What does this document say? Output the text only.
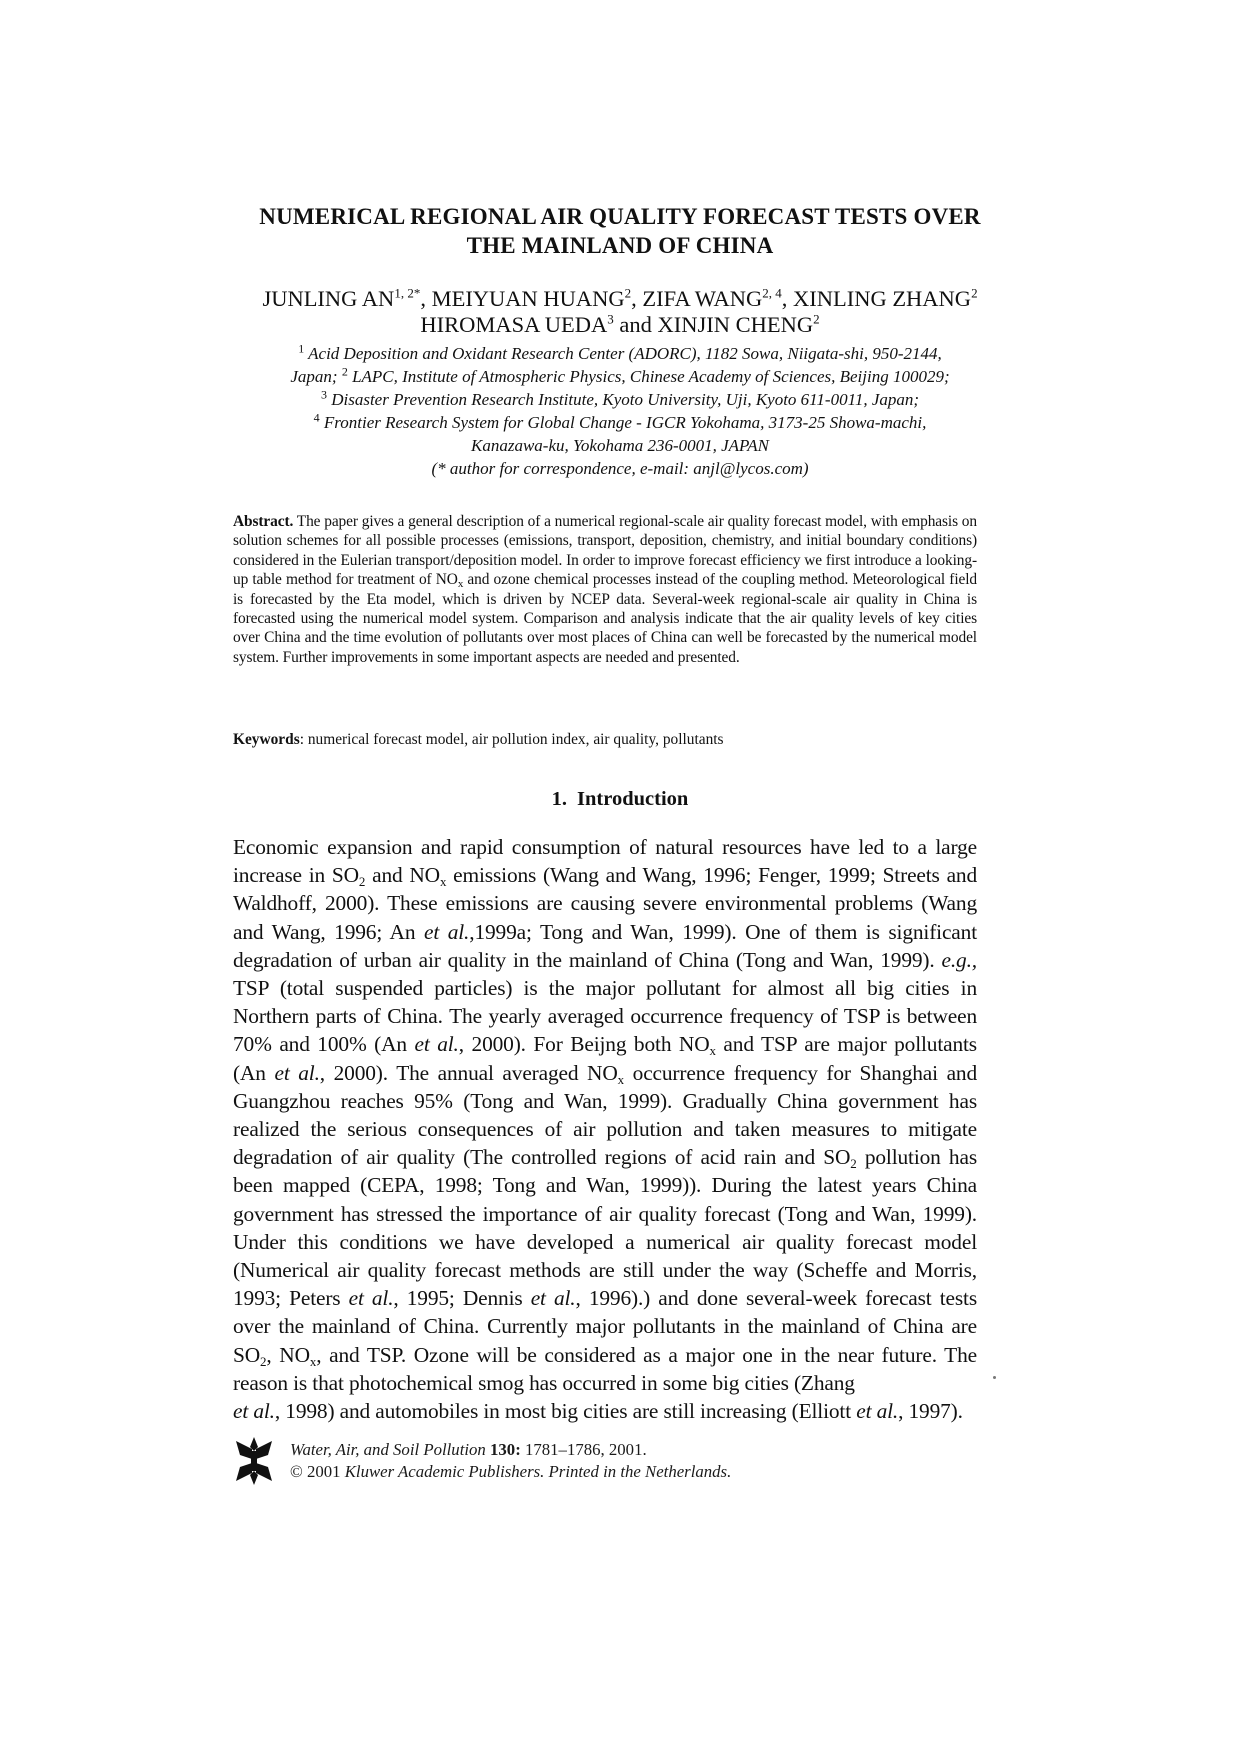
NUMERICAL REGIONAL AIR QUALITY FORECAST TESTS OVER
THE MAINLAND OF CHINA
JUNLING $AN^{1, 2*}$, MEIYUAN HUANG$^2$, ZIFA WANG$^{2, 4}$, XINLING ZHANG$^2$
HIROMASA UEDA$^3$ and XINJIN CHENG$^2$
$^1$ Acid Deposition and Oxidant Research Center (ADORC), 1182 Sowa, Niigata-shi, 950-2144,
Japan; $^2$ LAPC, Institute of Atmospheric Physics, Chinese Academy of Sciences, Beijing 100029;
$^3$ Disaster Prevention Research Institute, Kyoto University, Uji, Kyoto 611-0011, Japan;
$^4$ Frontier Research System for Global Change - IGCR Yokohama, 3173-25 Showa-machi,
Kanazawa-ku, Yokohama 236-0001, JAPAN
(* author for correspondence, e-mail: anjl@lycos.com)
Abstract. The paper gives a general description of a numerical regional-scale air quality forecast model, with emphasis on solution schemes for all possible processes (emissions, transport, deposition, chemistry, and initial boundary conditions) considered in the Eulerian transport/deposition model. In order to improve forecast efficiency we first introduce a looking-up table method for treatment of $NO_x$ and ozone chemical processes instead of the coupling method. Meteorological field is forecasted by the Eta model, which is driven by NCEP data. Several-week regional-scale air quality in China is forecasted using the numerical model system. Comparison and analysis indicate that the air quality levels of key cities over China and the time evolution of pollutants over most places of China can well be forecasted by the numerical model system. Further improvements in some important aspects are needed and presented.
Keywords: numerical forecast model, air pollution index, air quality, pollutants
1. Introduction
Economic expansion and rapid consumption of natural resources have led to a large increase in $SO_2$ and $NO_x$ emissions (Wang and Wang, 1996; Fenger, 1999; Streets and Waldhoff, 2000). These emissions are causing severe environmental problems (Wang and Wang, 1996; An et al.,1999a; Tong and Wan, 1999). One of them is significant degradation of urban air quality in the mainland of China (Tong and Wan, 1999). e.g., TSP (total suspended particles) is the major pollutant for almost all big cities in Northern parts of China. The yearly averaged occurrence frequency of TSP is between 70% and 100% (An et al., 2000). For Beijng both $NO_x$ and TSP are major pollutants (An et al., 2000). The annual averaged $NO_x$ occurrence frequency for Shanghai and Guangzhou reaches 95% (Tong and Wan, 1999). Gradually China government has realized the serious consequences of air pollution and taken measures to mitigate degradation of air quality (The controlled regions of acid rain and $SO_2$ pollution has been mapped (CEPA, 1998; Tong and Wan, 1999)). During the latest years China government has stressed the importance of air quality forecast (Tong and Wan, 1999). Under this conditions we have developed a numerical air quality forecast model (Numerical air quality forecast methods are still under the way (Scheffe and Morris, 1993; Peters et al., 1995; Dennis et al., 1996).) and done several-week forecast tests over the mainland of China. Currently major pollutants in the mainland of China are $SO_2$, $NO_x$, and TSP. Ozone will be considered as a major one in the near future. The reason is that photochemical smog has occurred in some big cities (Zhang
et al., 1998) and automobiles in most big cities are still increasing (Elliott et al., 1997).
Water, Air, and Soil Pollution 130: 1781–1786, 2001.
© 2001 Kluwer Academic Publishers. Printed in the Netherlands.
